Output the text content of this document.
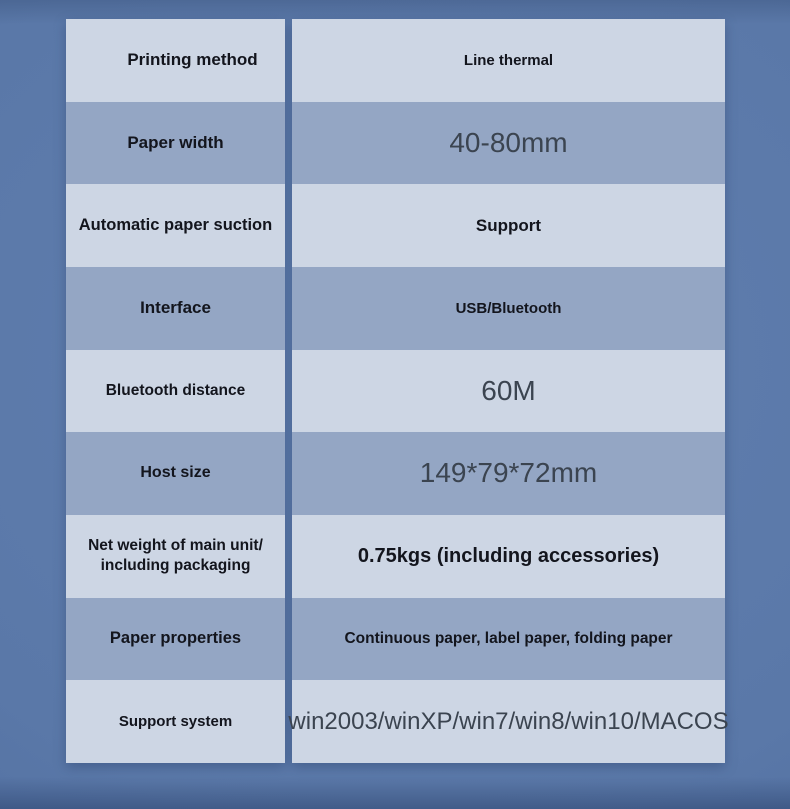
Printing method	Line thermal
Paper width	40-80mm
Automatic paper suction	Support
Interface	USB/Bluetooth
Bluetooth distance	60M
Host size	149*79*72mm
Net weight of main unit/ including packaging	0.75kgs (including accessories)
Paper properties	Continuous paper, label paper, folding paper
Support system	win2003/winXP/win7/win8/win10/MACOS
